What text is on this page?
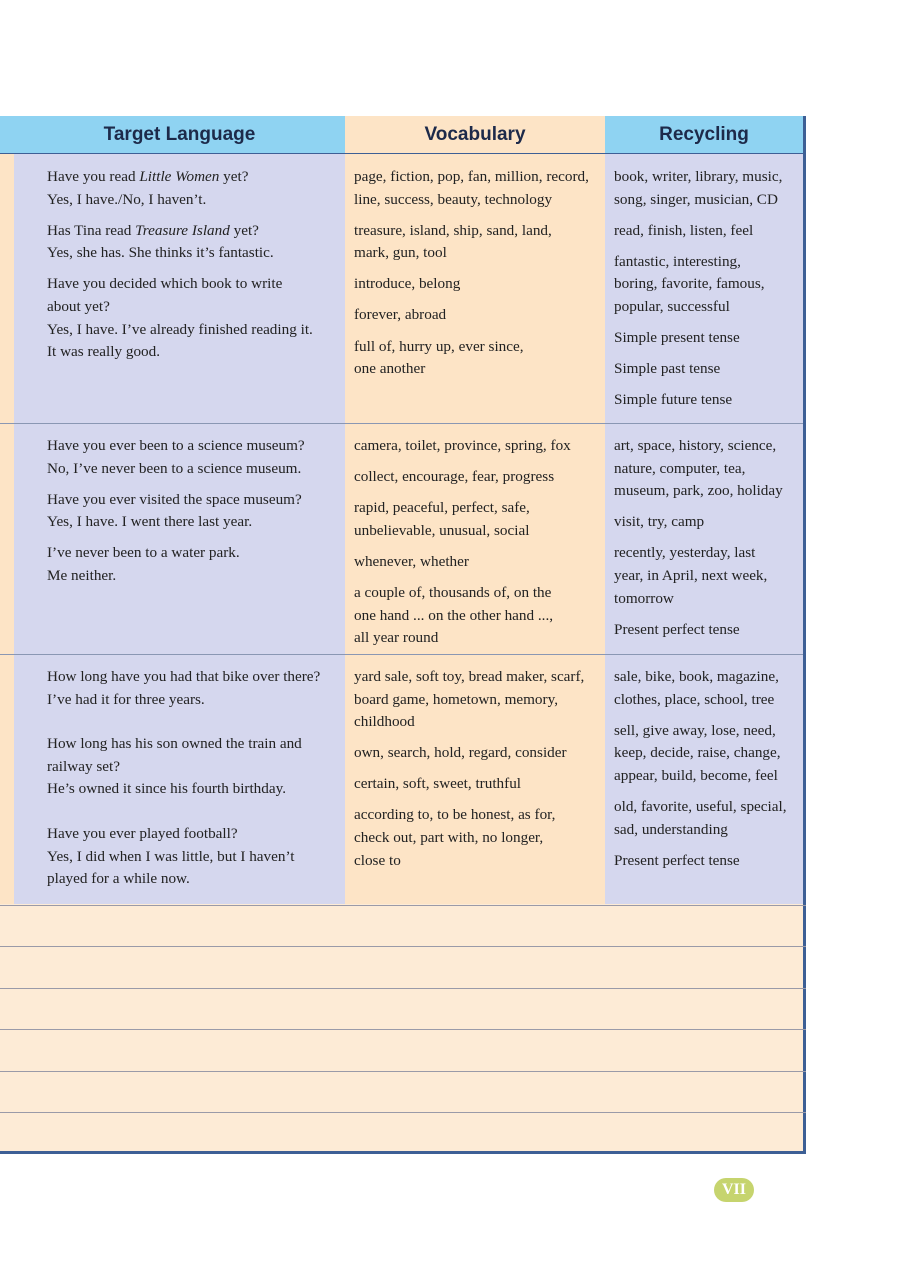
Target Language	Vocabulary	Recycling

Have you read Little Women yet?

Yes, I have./No, I haven’t.

Has Tina read Treasure Island yet?

Yes, she has. She thinks it’s fantastic.

Have you decided which book to write

about yet?

Yes, I have. I’ve already finished reading it.

It was really good.

page, fiction, pop, fan, million, record,
line, success, beauty, technology

treasure, island, ship, sand, land,
mark, gun, tool

introduce, belong

forever, abroad

full of, hurry up, ever since,
one another

book, writer, library, music,
song, singer, musician, CD

read, finish, listen, feel

fantastic, interesting,
boring, favorite, famous,
popular, successful

Simple present tense

Simple past tense

Simple future tense

Have you ever been to a science museum?
No, I’ve never been to a science museum.

Have you ever visited the space museum?
Yes, I have. I went there last year.

I’ve never been to a water park.
Me neither.

camera, toilet, province, spring, fox

collect, encourage, fear, progress

rapid, peaceful, perfect, safe,
unbelievable, unusual, social

whenever, whether

a couple of, thousands of, on the
one hand ... on the other hand ...,
all year round

art, space, history, science,
nature, computer, tea,
museum, park, zoo, holiday

visit, try, camp

recently, yesterday, last
year, in April, next week,
tomorrow

Present perfect tense

How long have you had that bike over there?
I’ve had it for three years.

How long has his son owned the train and
railway set?
He’s owned it since his fourth birthday.

Have you ever played football?
Yes, I did when I was little, but I haven’t
played for a while now.

yard sale, soft toy, bread maker, scarf,
board game, hometown, memory,
childhood

own, search, hold, regard, consider

certain, soft, sweet, truthful

according to, to be honest, as for,
check out, part with, no longer,
close to

sale, bike, book, magazine,
clothes, place, school, tree

sell, give away, lose, need,
keep, decide, raise, change,
appear, build, become, feel

old, favorite, useful, special,
sad, understanding

Present perfect tense

VII
